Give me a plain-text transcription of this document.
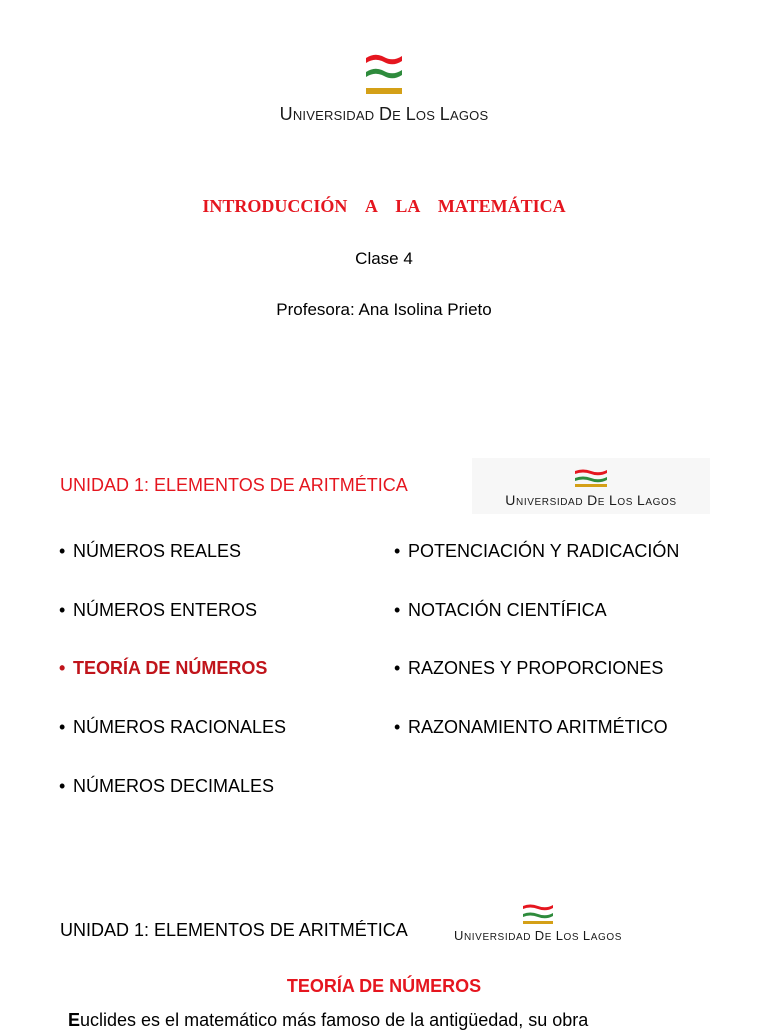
UNIVERSIDAD DE LOS LAGOS
INTRODUCCIÓN A LA MATEMÁTICA
Clase 4
Profesora: Ana Isolina Prieto
UNIDAD 1: ELEMENTOS DE ARITMÉTICA
UNIVERSIDAD DE LOS LAGOS
• NÚMEROS REALES
• NÚMEROS ENTEROS
• TEORÍA DE NÚMEROS
• NÚMEROS RACIONALES
• NÚMEROS DECIMALES
• POTENCIACIÓN Y RADICACIÓN
• NOTACIÓN CIENTÍFICA
• RAZONES Y PROPORCIONES
• RAZONAMIENTO ARITMÉTICO
UNIDAD 1: ELEMENTOS DE ARITMÉTICA	UNIVERSIDAD DE LOS LAGOS
TEORÍA DE NÚMEROS
Euclides es el matemático más famoso de la antigüedad, su obra
